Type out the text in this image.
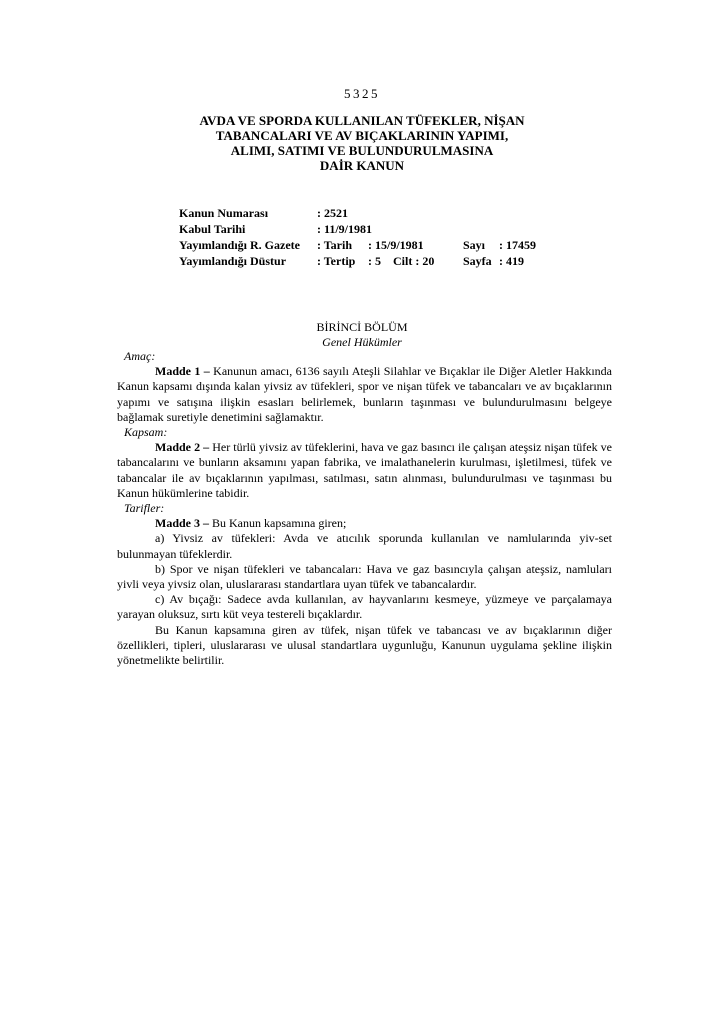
5325
AVDA VE SPORDA KULLANILAN TÜFEKLER, NİŞAN
TABANCALARI VE AV BIÇAKLARININ YAPIMI,
ALIMI, SATIMI VE BULUNDURULMASINA
DAİR KANUN
Kanun Numarası	: 2521			
Kabul Tarihi	: 11/9/1981			
Yayımlandığı R. Gazete	: Tarih	: 15/9/1981	Sayı	: 17459
Yayımlandığı Düstur	: Tertip	: 5 Cilt : 20	Sayfa	: 419
BİRİNCİ BÖLÜM
Genel Hükümler

Amaç:

Madde 1 – Kanunun amacı, 6136 sayılı Ateşli Silahlar ve Bıçaklar ile Diğer Aletler Hakkında Kanun kapsamı dışında kalan yivsiz av tüfekleri, spor ve nişan tüfek ve tabancaları ve av bıçaklarının yapımı ve satışına ilişkin esasları belirlemek, bunların taşınması ve bulundurulmasını belgeye bağlamak suretiyle denetimini sağlamaktır.

Kapsam:

Madde 2 – Her türlü yivsiz av tüfeklerini, hava ve gaz basıncı ile çalışan ateşsiz nişan tüfek ve tabancalarını ve bunların aksamını yapan fabrika, ve imalathanelerin kurulması, işletilmesi, tüfek ve tabancalar ile av bıçaklarının yapılması, satılması, satın alınması, bulundurulması ve taşınması bu Kanun hükümlerine tabidir.

Tarifler:

Madde 3 – Bu Kanun kapsamına giren;

a) Yivsiz av tüfekleri: Avda ve atıcılık sporunda kullanılan ve namlularında yiv-set bulunmayan tüfeklerdir.

b) Spor ve nişan tüfekleri ve tabancaları: Hava ve gaz basıncıyla çalışan ateşsiz, namluları yivli veya yivsiz olan, uluslararası standartlara uyan tüfek ve tabancalardır.

c) Av bıçağı: Sadece avda kullanılan, av hayvanlarını kesmeye, yüzmeye ve parçalamaya yarayan oluksuz, sırtı küt veya testereli bıçaklardır.

Bu Kanun kapsamına giren av tüfek, nişan tüfek ve tabancası ve av bıçaklarının diğer özellikleri, tipleri, uluslararası ve ulusal standartlara uygunluğu, Kanunun uygulama şekline ilişkin yönetmelikte belirtilir.
